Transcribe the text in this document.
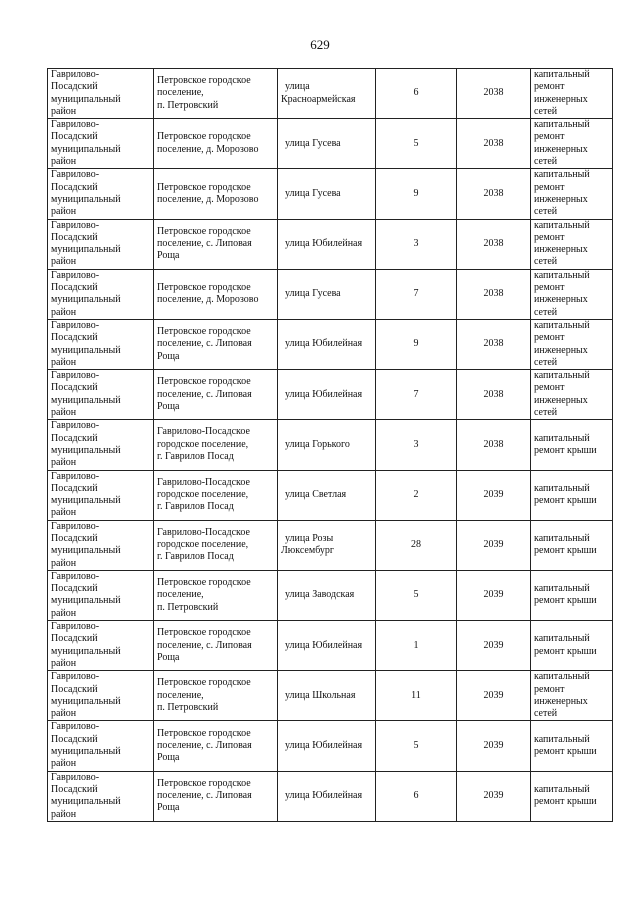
629
Гаврилово-
Посадский
муниципальный
район	Петровское городское
поселение,
п. Петровский	улица
Красноармейская	6	2038	капитальный
ремонт
инженерных
сетей
Гаврилово-
Посадский
муниципальный
район	Петровское городское
поселение, д. Морозово	улица Гусева	5	2038	капитальный
ремонт
инженерных
сетей
Гаврилово-
Посадский
муниципальный
район	Петровское городское
поселение, д. Морозово	улица Гусева	9	2038	капитальный
ремонт
инженерных
сетей
Гаврилово-
Посадский
муниципальный
район	Петровское городское
поселение, с. Липовая
Роща	улица Юбилейная	3	2038	капитальный
ремонт
инженерных
сетей
Гаврилово-
Посадский
муниципальный
район	Петровское городское
поселение, д. Морозово	улица Гусева	7	2038	капитальный
ремонт
инженерных
сетей
Гаврилово-
Посадский
муниципальный
район	Петровское городское
поселение, с. Липовая
Роща	улица Юбилейная	9	2038	капитальный
ремонт
инженерных
сетей
Гаврилово-
Посадский
муниципальный
район	Петровское городское
поселение, с. Липовая
Роща	улица Юбилейная	7	2038	капитальный
ремонт
инженерных
сетей
Гаврилово-
Посадский
муниципальный
район	Гаврилово-Посадское
городское поселение,
г. Гаврилов Посад	улица Горького	3	2038	капитальный
ремонт крыши
Гаврилово-
Посадский
муниципальный
район	Гаврилово-Посадское
городское поселение,
г. Гаврилов Посад	улица Светлая	2	2039	капитальный
ремонт крыши
Гаврилово-
Посадский
муниципальный
район	Гаврилово-Посадское
городское поселение,
г. Гаврилов Посад	улица Розы
Люксембург	28	2039	капитальный
ремонт крыши
Гаврилово-
Посадский
муниципальный
район	Петровское городское
поселение,
п. Петровский	улица Заводская	5	2039	капитальный
ремонт крыши
Гаврилово-
Посадский
муниципальный
район	Петровское городское
поселение, с. Липовая
Роща	улица Юбилейная	1	2039	капитальный
ремонт крыши
Гаврилово-
Посадский
муниципальный
район	Петровское городское
поселение,
п. Петровский	улица Школьная	11	2039	капитальный
ремонт
инженерных
сетей
Гаврилово-
Посадский
муниципальный
район	Петровское городское
поселение, с. Липовая
Роща	улица Юбилейная	5	2039	капитальный
ремонт крыши
Гаврилово-
Посадский
муниципальный
район	Петровское городское
поселение, с. Липовая
Роща	улица Юбилейная	6	2039	капитальный
ремонт крыши
